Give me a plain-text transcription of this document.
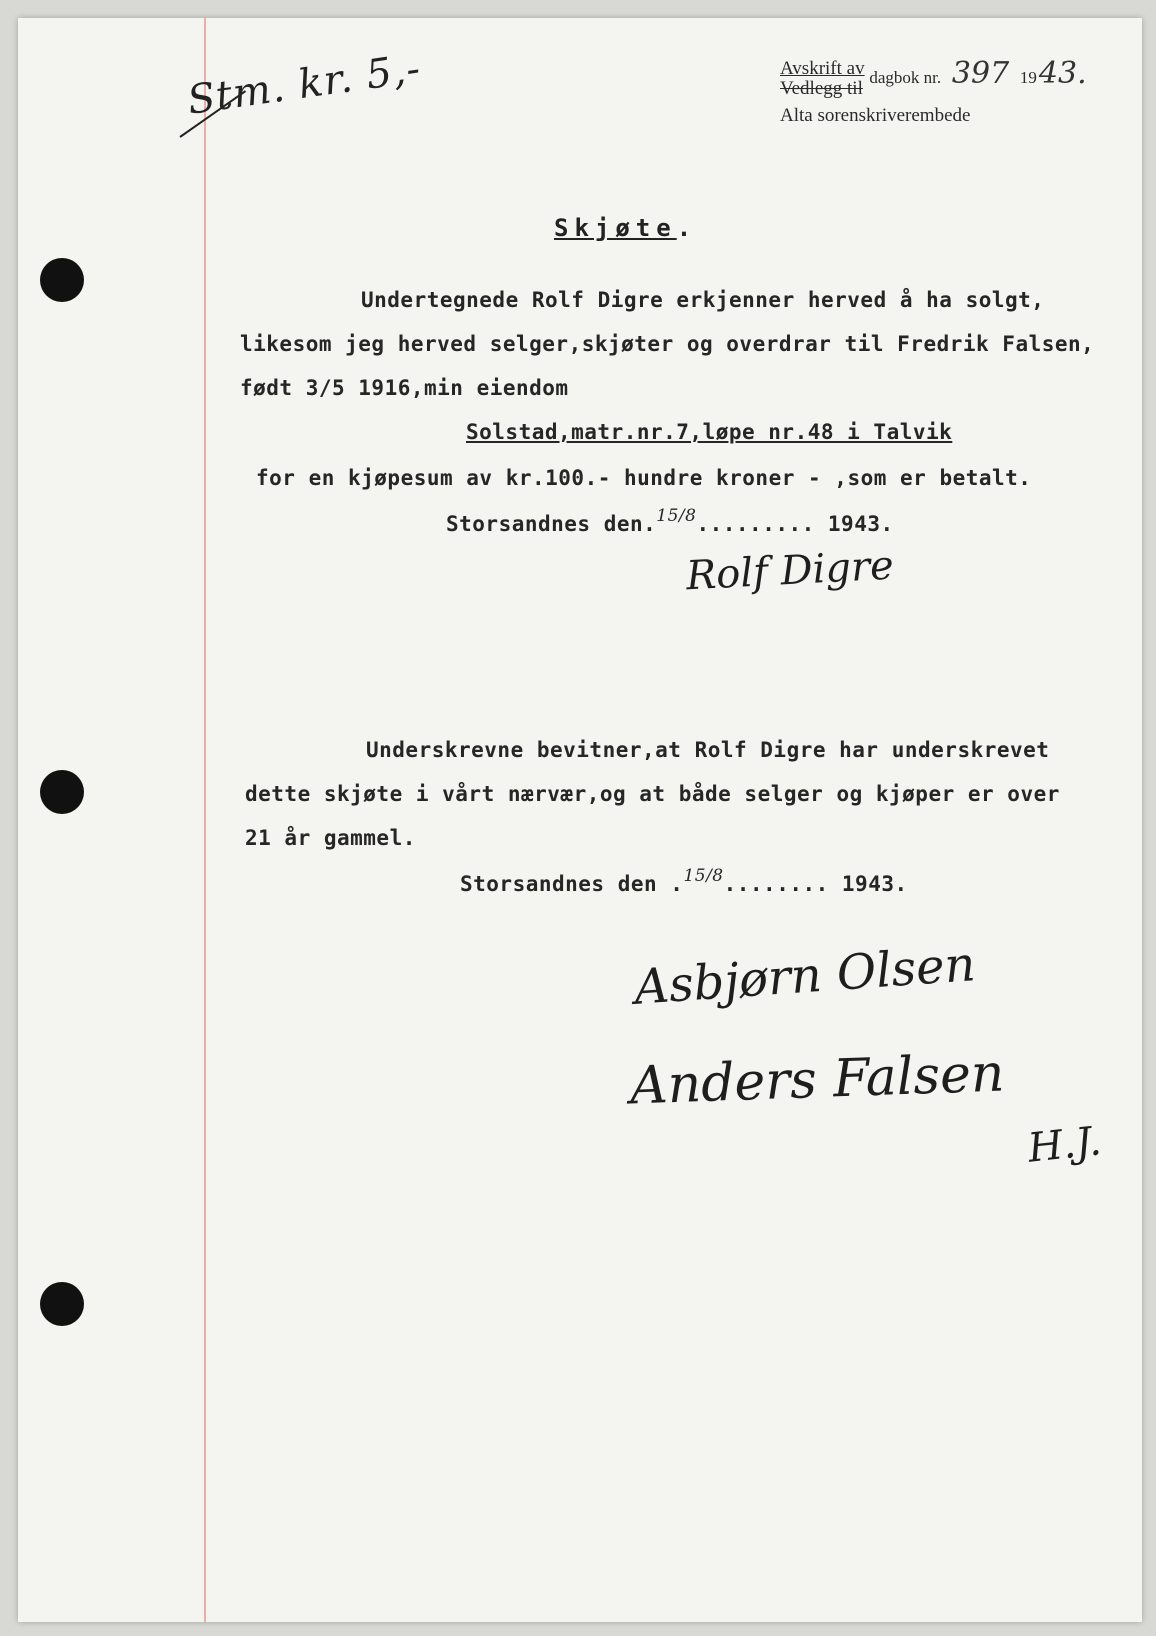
Avskrift av
Vedlegg til dagbok nr. 397 1943.
Alta sorenskriverembede
Stm. kr. 5,-
Skjøte.
Undertegnede Rolf Digre erkjenner herved å ha solgt,
likesom jeg herved selger,skjøter og overdrar til Fredrik Falsen,
født 3/5 1916,min eiendom
Solstad,matr.nr.7,løpe nr.48 i Talvik
for en kjøpesum av kr.100.- hundre kroner - ,som er betalt.
Storsandnes den.$^{15/8}$......... 1943.
Rolf Digre
Underskrevne bevitner,at Rolf Digre har underskrevet
dette skjøte i vårt nærvær,og at både selger og kjøper er over
21 år gammel.
Storsandnes den .$^{15/8}$........ 1943.
Asbjørn Olsen
Anders Falsen
H.J.
